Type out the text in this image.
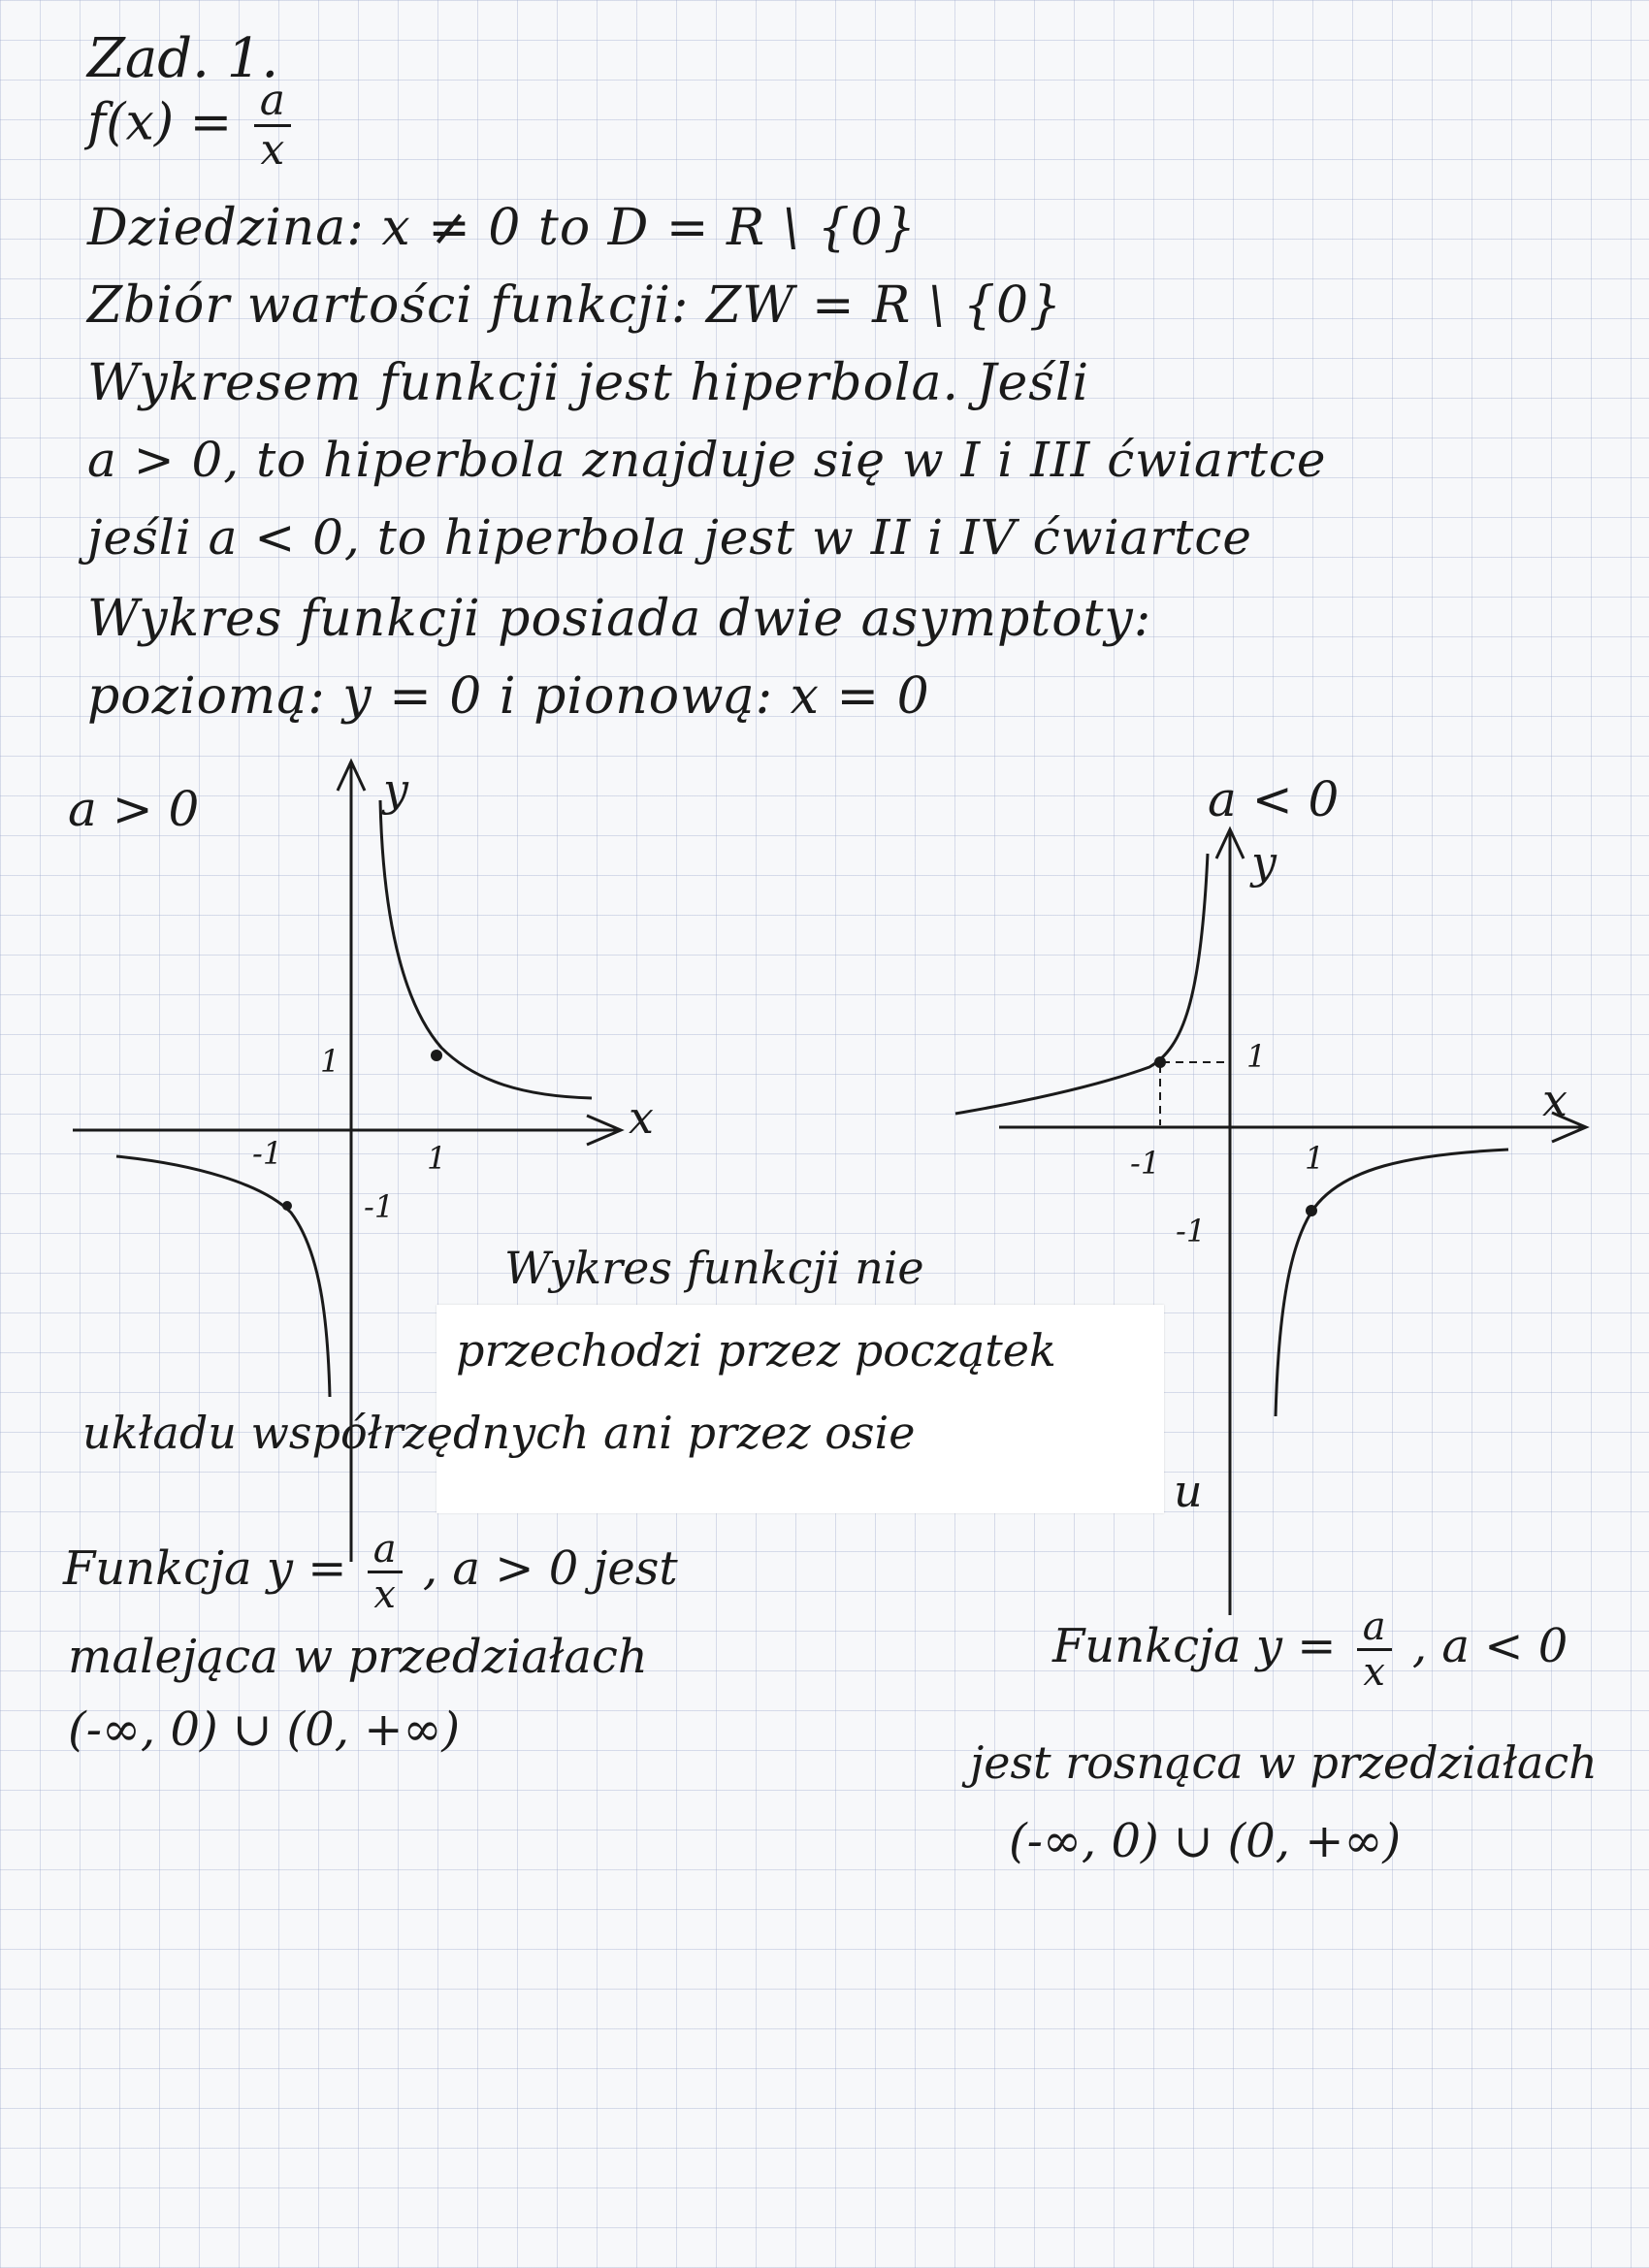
Zad. 1.
$f(x) = \frac{a}{x}$
Dziedzina: x ≠ 0 to D = R \ {0}
Zbiór wartości funkcji: ZW = R \ {0}
Wykresem funkcji jest hiperbola. Jeśli
a > 0, to hiperbola znajduje się w I i III ćwiartce
jeśli a < 0, to hiperbola jest w II i IV ćwiartce
Wykres funkcji posiada dwie asymptoty:
poziomą: y = 0 i pionową: x = 0
a > 0
x
y
1
1
-1
-1
a < 0
x
y
1
1
-1
-1
Wykres funkcji nie
przechodzi przez początek
układu współrzędnych ani przez osie
u
Funkcja $y = \frac{a}{x}$ , a > 0 jest
malejąca w przedziałach
(-∞, 0) ∪ (0, +∞)
Funkcja $y = \frac{a}{x}$ , a < 0
jest rosnąca w przedziałach
(-∞, 0) ∪ (0, +∞)
